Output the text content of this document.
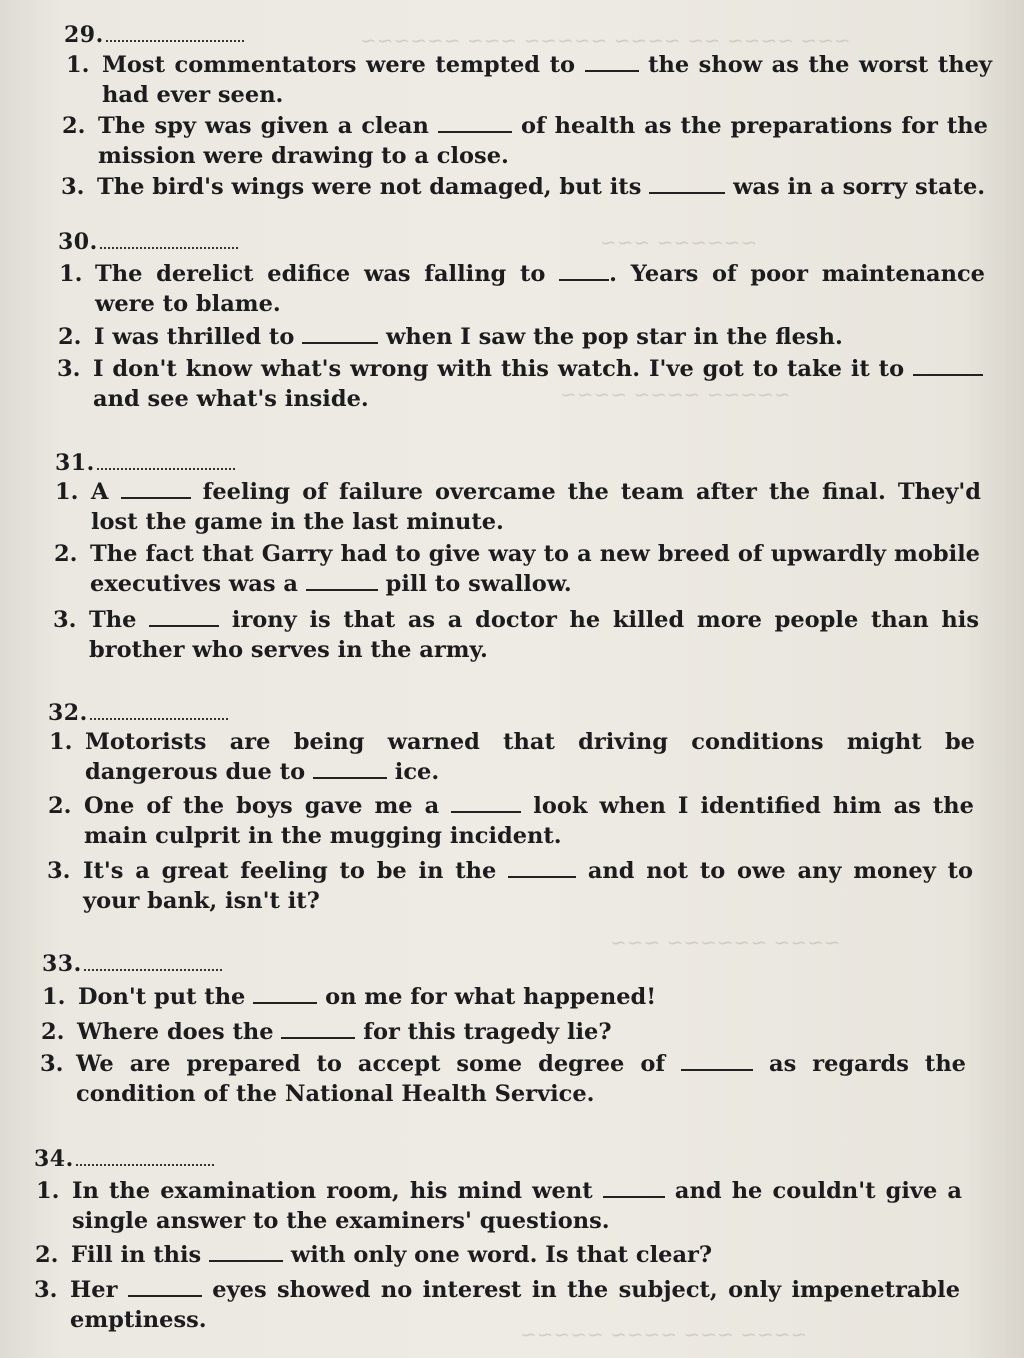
~~~ ~~~~ ~~ ~~~~ ~~~~~ ~~~ ~~~~~~
~~~~~~ ~~~
~~~~~ ~~~~ ~~~~
~~~~ ~~~~~~ ~~~
~~~~ ~~~ ~~~~ ~~~~~
29.
1. Most commentators were tempted to	the show as the worst they had ever seen.
2. The spy was given a clean	of health as the preparations for the mission were drawing to a close.
3. The bird's wings were not damaged, but its	was in a sorry state.
30.
1. The derelict edifice was falling to	. Years of poor maintenance were to blame.
2. I was thrilled to	when I saw the pop star in the flesh.
3. I don't know what's wrong with this watch. I've got to take it to  and see what's inside.
31.
1. A	feeling of failure overcame the team after the final. They'd lost the game in the last minute.
2. The fact that Garry had to give way to a new breed of upwardly mobile executives was a	pill to swallow.
3. The	irony is that as a doctor he killed more people than his brother who serves in the army.
32.
1. Motorists are being warned that driving conditions might be dangerous due to	ice.
2. One of the boys gave me a	look when I identified him as the main culprit in the mugging incident.
3. It's a great feeling to be in the	and not to owe any money to your bank, isn't it?
33.
1. Don't put the	on me for what happened!
2. Where does the	for this tragedy lie?
3. We are prepared to accept some degree of	as regards the condition of the National Health Service.
34.
1. In the examination room, his mind went	and he couldn't give a single answer to the examiners' questions.
2. Fill in this	with only one word. Is that clear?
3. Her	eyes showed no interest in the subject, only impenetrable emptiness.
